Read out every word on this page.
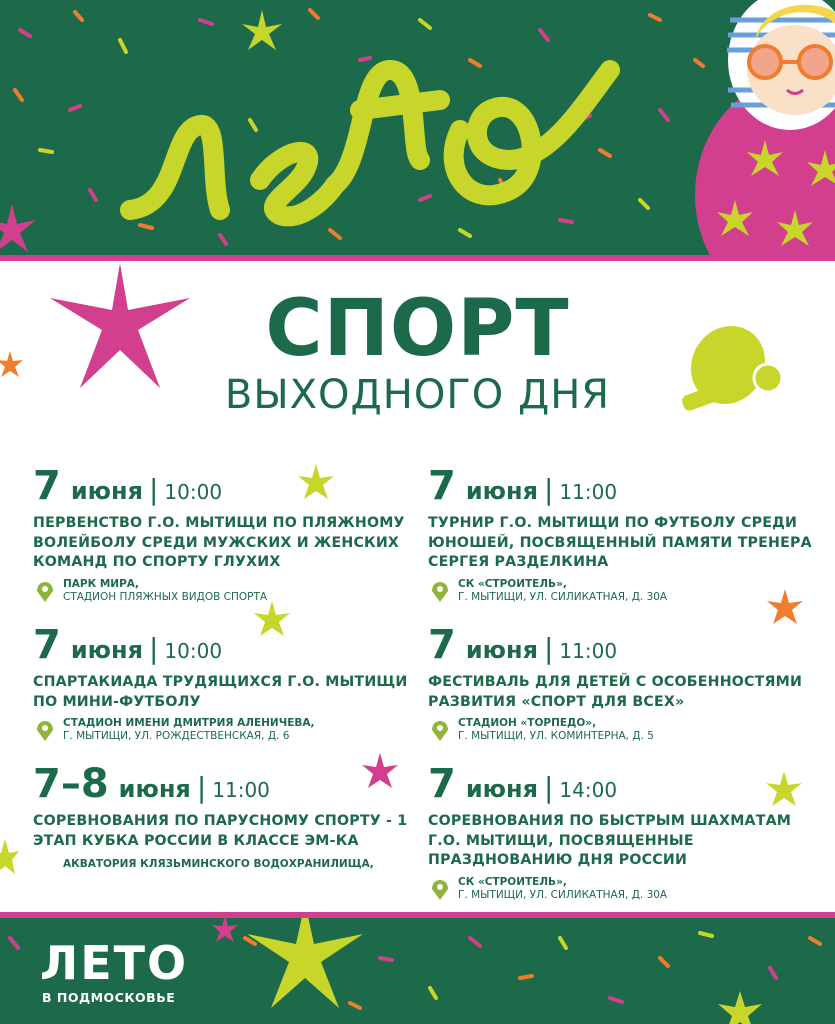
СПОРТ
ВЫХОДНОГО ДНЯ
7 июня | 10:00
ПЕРВЕНСТВО Г.О. МЫТИЩИ ПО ПЛЯЖНОМУ ВОЛЕЙБОЛУ СРЕДИ МУЖСКИХ И ЖЕНСКИХ КОМАНД ПО СПОРТУ ГЛУХИХ
ПАРК МИРА,
СТАДИОН ПЛЯЖНЫХ ВИДОВ СПОРТА
7 июня | 11:00
ТУРНИР Г.О. МЫТИЩИ ПО ФУТБОЛУ СРЕДИ ЮНОШЕЙ, ПОСВЯЩЕННЫЙ ПАМЯТИ ТРЕНЕРА СЕРГЕЯ РАЗДЕЛКИНА
СК «СТРОИТЕЛЬ»,
Г. МЫТИЩИ, УЛ. СИЛИКАТНАЯ, Д. 30А
7 июня | 10:00
СПАРТАКИАДА ТРУДЯЩИХСЯ Г.О. МЫТИЩИ ПО МИНИ-ФУТБОЛУ
СТАДИОН ИМЕНИ ДМИТРИЯ АЛЕНИЧЕВА,
Г. МЫТИЩИ, УЛ. РОЖДЕСТВЕНСКАЯ, Д. 6
7 июня | 11:00
ФЕСТИВАЛЬ ДЛЯ ДЕТЕЙ С ОСОБЕННОСТЯМИ РАЗВИТИЯ «СПОРТ ДЛЯ ВСЕХ»
СТАДИОН «ТОРПЕДО»,
Г. МЫТИЩИ, УЛ. КОМИНТЕРНА, Д. 5
7–8 июня | 11:00
СОРЕВНОВАНИЯ ПО ПАРУСНОМУ СПОРТУ - 1 ЭТАП КУБКА РОССИИ В КЛАССЕ ЭМ-КА
АКВАТОРИЯ КЛЯЗЬМИНСКОГО ВОДОХРАНИЛИЩА,
7 июня | 14:00
СОРЕВНОВАНИЯ ПО БЫСТРЫМ ШАХМАТАМ Г.О. МЫТИЩИ, ПОСВЯЩЕННЫЕ ПРАЗДНОВАНИЮ ДНЯ РОССИИ
СК «СТРОИТЕЛЬ»,
Г. МЫТИЩИ, УЛ. СИЛИКАТНАЯ, Д. 30А
ЛЕТО
В ПОДМОСКОВЬЕ
